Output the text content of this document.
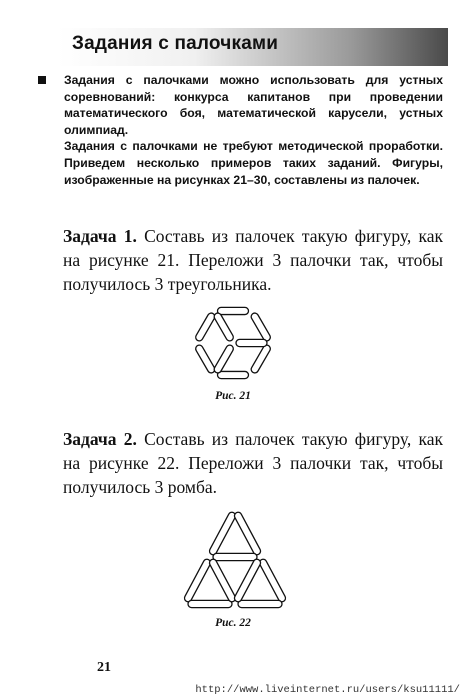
Задания с палочками

Задания с палочками можно использовать для устных соревнований: конкурса капитанов при проведении математического боя, математической карусели, устных олимпиад.

Задания с палочками не требуют методической проработки. Приведем несколько примеров таких заданий. Фигуры, изображенные на рисунках 21–30, составлены из палочек.

Задача 1. Составь из палочек такую фигуру, как на рисунке 21. Переложи 3 палочки так, чтобы получилось 3 треугольника.
Рис. 21
Задача 2. Составь из палочек такую фигуру, как на рисунке 22. Переложи 3 палочки так, чтобы получилось 3 ромба.
Рис. 22
21
http://www.liveinternet.ru/users/ksu11111/
